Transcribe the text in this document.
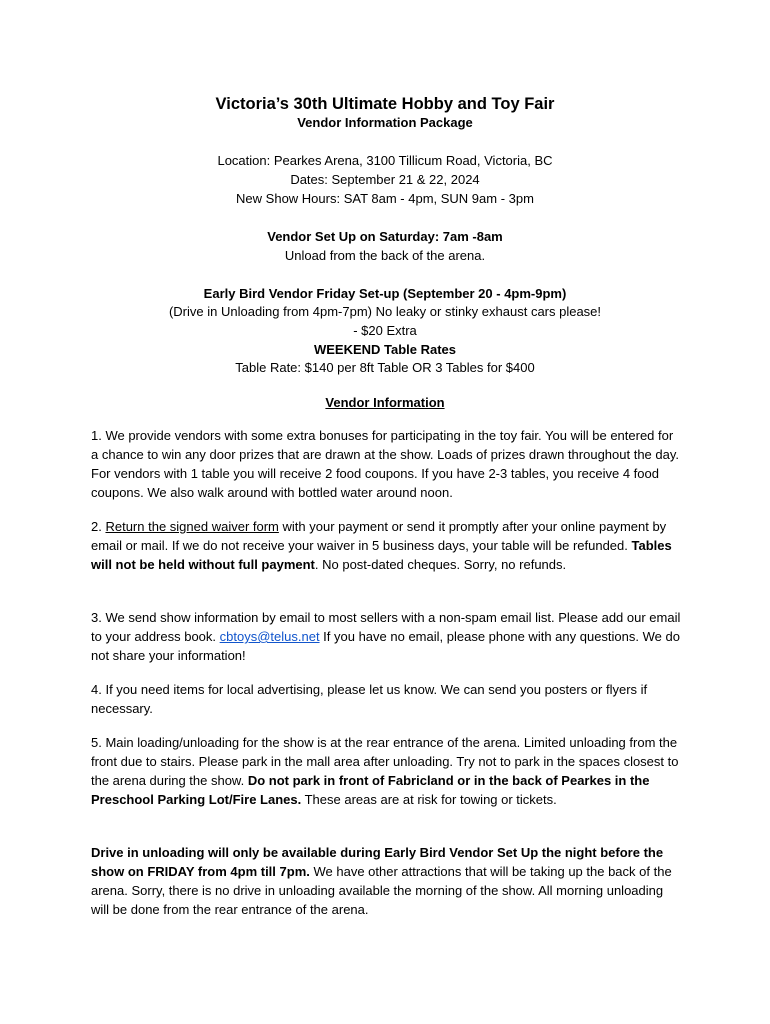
Victoria’s 30th Ultimate Hobby and Toy Fair
Vendor Information Package
Location: Pearkes Arena, 3100 Tillicum Road, Victoria, BC
Dates: September 21 & 22, 2024
New Show Hours: SAT 8am - 4pm, SUN 9am - 3pm
Vendor Set Up on Saturday: 7am -8am
Unload from the back of the arena.
Early Bird Vendor Friday Set-up (September 20 - 4pm-9pm)
(Drive in Unloading from 4pm-7pm) No leaky or stinky exhaust cars please!
- $20 Extra
WEEKEND Table Rates
Table Rate: $140 per 8ft Table OR 3 Tables for $400
Vendor Information
1. We provide vendors with some extra bonuses for participating in the toy fair. You will be entered for a chance to win any door prizes that are drawn at the show. Loads of prizes drawn throughout the day. For vendors with 1 table you will receive 2 food coupons. If you have 2-3 tables, you receive 4 food coupons. We also walk around with bottled water around noon.
2. Return the signed waiver form with your payment or send it promptly after your online payment by email or mail. If we do not receive your waiver in 5 business days, your table will be refunded. Tables will not be held without full payment. No post-dated cheques. Sorry, no refunds.
3. We send show information by email to most sellers with a non-spam email list. Please add our email to your address book. cbtoys@telus.net If you have no email, please phone with any questions. We do not share your information!
4. If you need items for local advertising, please let us know. We can send you posters or flyers if necessary.
5. Main loading/unloading for the show is at the rear entrance of the arena. Limited unloading from the front due to stairs. Please park in the mall area after unloading. Try not to park in the spaces closest to the arena during the show. Do not park in front of Fabricland or in the back of Pearkes in the Preschool Parking Lot/Fire Lanes. These areas are at risk for towing or tickets.
Drive in unloading will only be available during Early Bird Vendor Set Up the night before the show on FRIDAY from 4pm till 7pm. We have other attractions that will be taking up the back of the arena. Sorry, there is no drive in unloading available the morning of the show. All morning unloading will be done from the rear entrance of the arena.
